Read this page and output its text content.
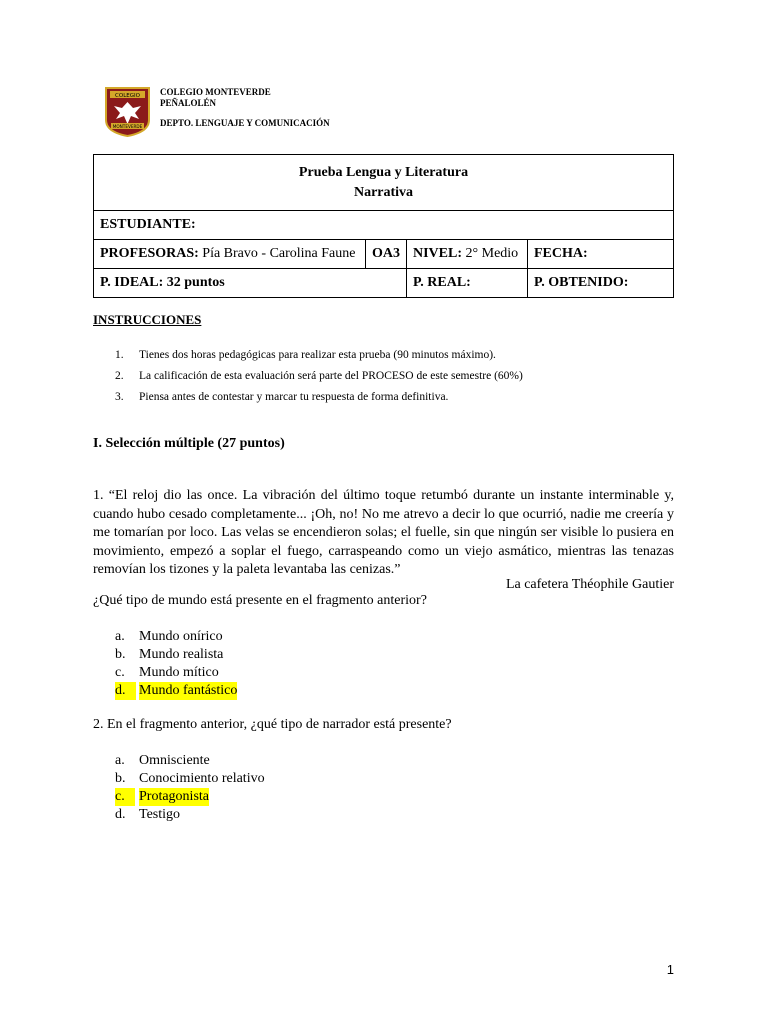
COLEGIO
MONTEVERDE
COLEGIO MONTEVERDE
PEÑALOLÉN
DEPTO. LENGUAJE Y COMUNICACIÓN
Prueba Lengua y Literatura
Narrativa			

ESTUDIANTE:			
PROFESORAS: Pía Bravo - Carolina Faune	OA3	NIVEL: 2° Medio	FECHA:
P. IDEAL: 32 puntos		P. REAL:	P. OBTENIDO:
INSTRUCCIONES
1. Tienes dos horas pedagógicas para realizar esta prueba (90 minutos máximo).
2. La calificación de esta evaluación será parte del PROCESO de este semestre (60%)
3. Piensa antes de contestar y marcar tu respuesta de forma definitiva.
I. Selección múltiple (27 puntos)
1. “El reloj dio las once. La vibración del último toque retumbó durante un instante interminable y, cuando hubo cesado completamente... ¡Oh, no! No me atrevo a decir lo que ocurrió, nadie me creería y me tomarían por loco. Las velas se encendieron solas; el fuelle, sin que ningún ser visible lo pusiera en movimiento, empezó a soplar el fuego, carraspeando como un viejo asmático, mientras las tenazas removían los tizones y la paleta levantaba las cenizas.”
La cafetera Théophile Gautier
¿Qué tipo de mundo está presente en el fragmento anterior?
a. Mundo onírico
b. Mundo realista
c. Mundo mítico
d. Mundo fantástico
2. En el fragmento anterior, ¿qué tipo de narrador está presente?
a. Omnisciente
b. Conocimiento relativo
c.	Protagonista
d. Testigo
1
